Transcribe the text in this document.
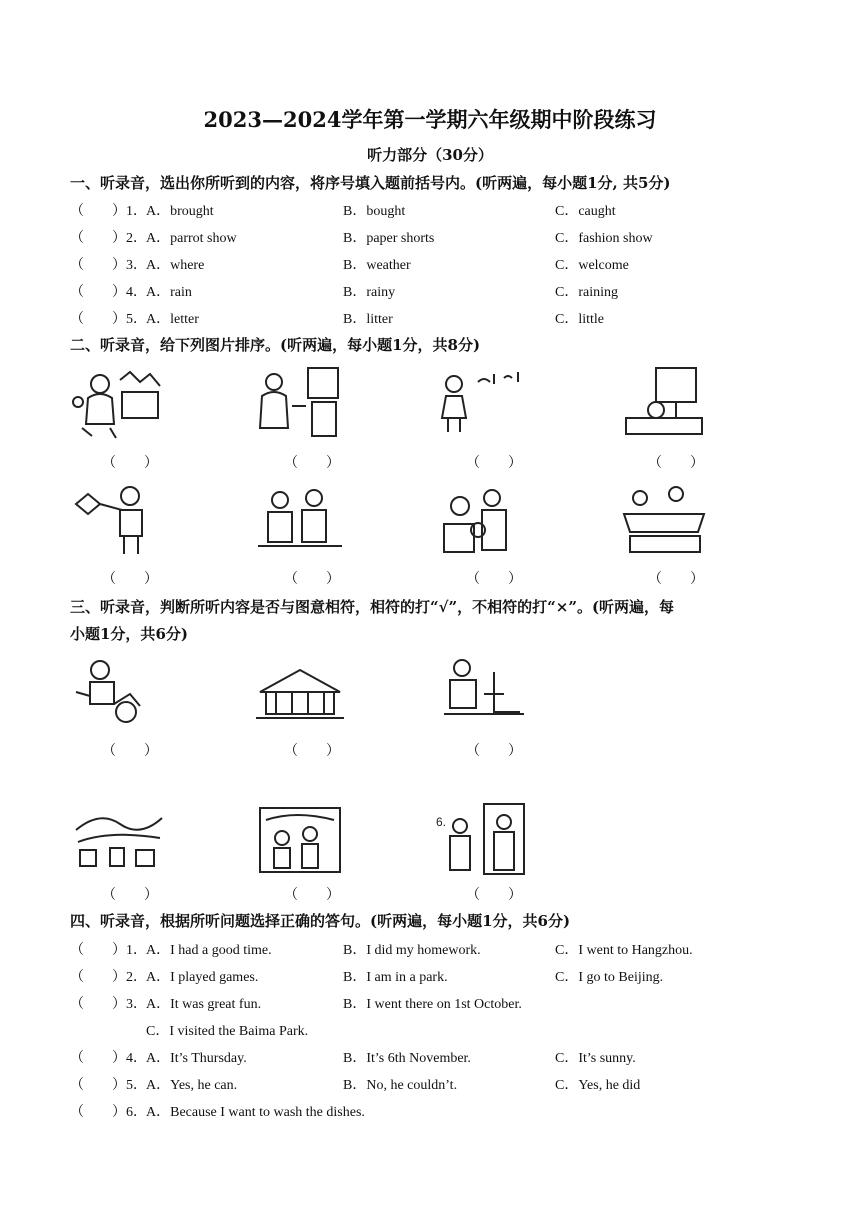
2023—2024学年第一学期六年级期中阶段练习
听力部分（30分）
一、听录音，选出你所听到的内容，将序号填入题前括号内。(听两遍，每小题1分, 共5分)
（　　） 1． A．brought	B．bought	C．caught
（　　） 2． A．parrot show	B．paper shorts	C．fashion show
（　　） 3． A．where	B．weather	C．welcome
（　　） 4． A．rain	B．rainy	C．raining
（　　） 5． A．letter	B．litter	C．little
二、听录音，给下列图片排序。(听两遍，每小题1分，共8分)
（　　）	（　　）	（　　）	（　　）
（　　）	（　　）	（　　）	（　　）
三、听录音，判断所听内容是否与图意相符，相符的打“√”，不相符的打“×”。(听两遍，每
小题1分，共6分)
（　　）	（　　）	（　　）
6.
（　　）	（　　）	（　　）
四、听录音，根据所听问题选择正确的答句。(听两遍，每小题1分，共6分)
（　　） 1． A．I had a good time.	B．I did my homework.	C．I went to Hangzhou.
（　　） 2． A．I played games.	B．I am in a park.	C．I go to Beijing.
（　　） 3． A．It was great fun.	B．I went there on 1st October.
C．I visited the Baima Park.
（　　） 4． A．It’s Thursday.	B．It’s 6th November.	C．It’s sunny.
（　　） 5． A．Yes, he can.	B．No, he couldn’t.	C．Yes, he did
（　　） 6． A．Because I want to wash the dishes.
